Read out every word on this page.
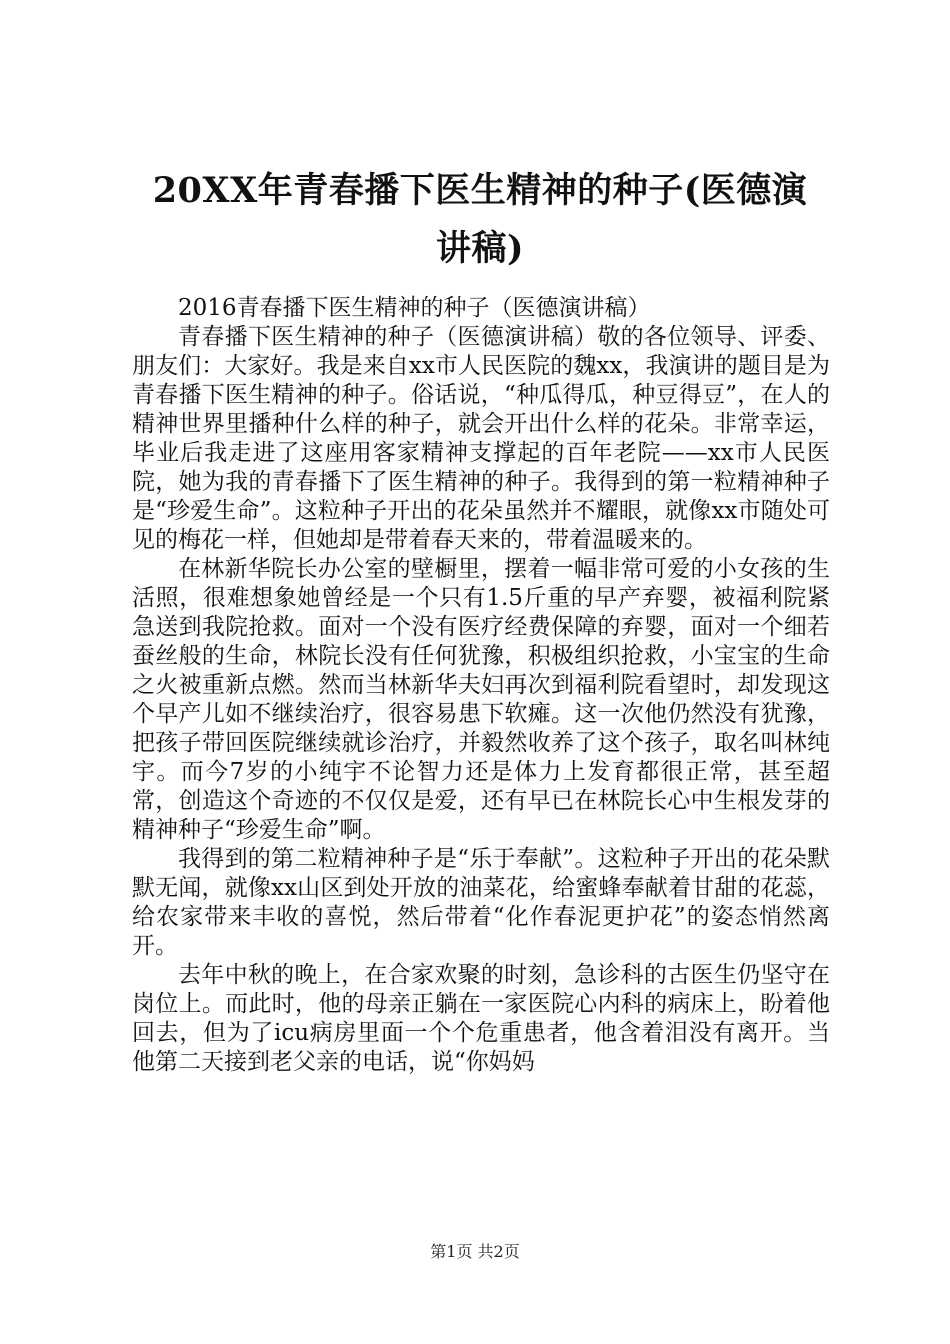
20XX年青春播下医生精神的种子(医德演讲稿)

2016青春播下医生精神的种子（医德演讲稿）

青春播下医生精神的种子（医德演讲稿）敬的各位领导、评委、朋友们：大家好。我是来自xx市人民医院的魏xx，我演讲的题目是为青春播下医生精神的种子。俗话说，“种瓜得瓜，种豆得豆”，在人的精神世界里播种什么样的种子，就会开出什么样的花朵。非常幸运，毕业后我走进了这座用客家精神支撑起的百年老院——xx市人民医院，她为我的青春播下了医生精神的种子。我得到的第一粒精神种子是“珍爱生命”。这粒种子开出的花朵虽然并不耀眼，就像xx市随处可见的梅花一样，但她却是带着春天来的，带着温暖来的。

在林新华院长办公室的壁橱里，摆着一幅非常可爱的小女孩的生活照，很难想象她曾经是一个只有1.5斤重的早产弃婴，被福利院紧急送到我院抢救。面对一个没有医疗经费保障的弃婴，面对一个细若蚕丝般的生命，林院长没有任何犹豫，积极组织抢救，小宝宝的生命之火被重新点燃。然而当林新华夫妇再次到福利院看望时，却发现这个早产儿如不继续治疗，很容易患下软瘫。这一次他仍然没有犹豫，把孩子带回医院继续就诊治疗，并毅然收养了这个孩子，取名叫林纯宇。而今7岁的小纯宇不论智力还是体力上发育都很正常，甚至超常，创造这个奇迹的不仅仅是爱，还有早已在林院长心中生根发芽的精神种子“珍爱生命”啊。

我得到的第二粒精神种子是“乐于奉献”。这粒种子开出的花朵默默无闻，就像xx山区到处开放的油菜花，给蜜蜂奉献着甘甜的花蕊，给农家带来丰收的喜悦，然后带着“化作春泥更护花”的姿态悄然离开。

去年中秋的晚上，在合家欢聚的时刻，急诊科的古医生仍坚守在岗位上。而此时，他的母亲正躺在一家医院心内科的病床上，盼着他回去，但为了icu病房里面一个个危重患者，他含着泪没有离开。当他第二天接到老父亲的电话，说“你妈妈

第1页 共2页
